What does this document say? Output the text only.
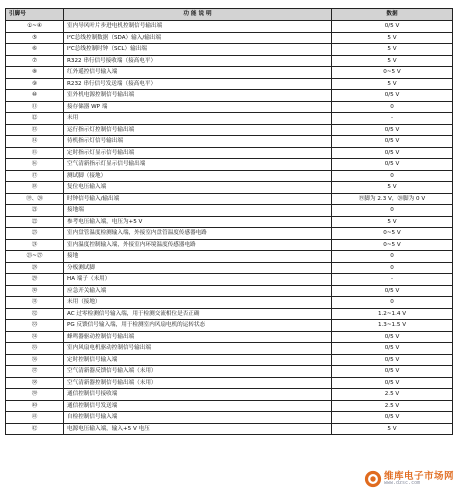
引脚号	功 能 说 明	数据
①~④	室内导风叶片步进电机控制信号输出端	0/5 V
⑤	I²C总线控制数据（SDA）输入/输出端	5 V
⑥	I²C总线控制时钟（SCL）输出端	5 V
⑦	R322 串行信号接收端（接高电平）	5 V
⑧	红外遥控信号输入端	0~5 V
⑨	R232 串行信号发送端（接高电平）	5 V
⑩	室外机电源控制信号输出端	0/5 V
⑪	接存储器 WP 端	0
⑫	未用	-
⑬	运行指示灯控制信号输出端	0/5 V
⑭	待机指示灯信号输出端	0/5 V
⑮	定时指示灯显示信号输出端	0/5 V
⑯	空气清新指示灯显示信号输出端	0/5 V
⑰	测试脚（接地）	0
⑱	复位电压输入端	5 V
⑲、⑳	时钟信号输入/输出端	⑲脚为 2.3 V，⑳脚为 0 V
㉑	接地端	0
㉒	参考电压输入端，电压为+5 V	5 V
㉓	室内盘管温度检测输入端，外接室内盘管温度传感器电路	0~5 V
㉔	室内温度控制输入端，外接室内环境温度传感器电路	0~5 V
㉕~㉗	接地	0
㉘	分板测试脚	0
㉙	HA 端子（未用）	-
㉚	应急开关输入端	0/5 V
㉛	未用（接地）	0
㉜	AC 过零检测信号输入端，用于检测交流相位是否正确	1.2~1.4 V
㉝	PG 反馈信号输入端，用于检测室内风扇电机的运转状态	1.3~1.5 V
㉞	蜂鸣器驱动控制信号输出端	0/5 V
㉟	室内风扇电机驱动控制信号输出端	0/5 V
㊱	定时控制信号输入端	0/5 V
㊲	空气清新器反馈信号输入端（未用）	0/5 V
㊳	空气清新器控制信号输出端（未用）	0/5 V
㊴	通信控制信号接收端	2.5 V
㊵	通信控制信号发送端	2.5 V
㊶	自检控制信号输入端	0/5 V
㊷	电源电压输入端，输入+5 V 电压	5 V
维库电子市场网
www.dzsc.com
